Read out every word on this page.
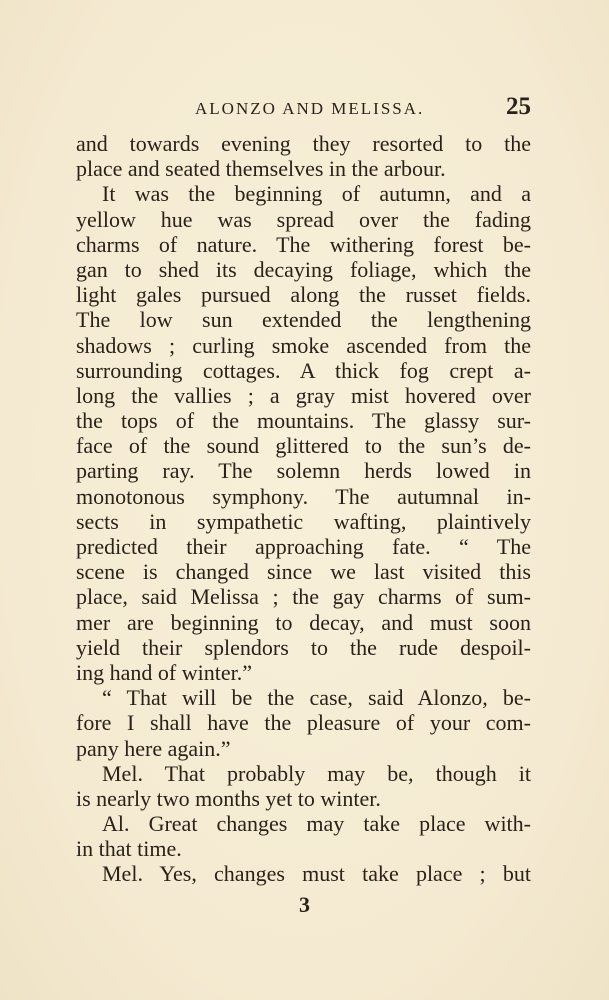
ALONZO AND MELISSA.	25
and towards evening they resorted to the
place and seated themselves in the arbour.
It was the beginning of autumn, and a
yellow hue was spread over the fading
charms of nature. The withering forest be-
gan to shed its decaying foliage, which the
light gales pursued along the russet fields.
The low sun extended the lengthening
shadows ; curling smoke ascended from the
surrounding cottages. A thick fog crept a-
long the vallies ; a gray mist hovered over
the tops of the mountains. The glassy sur-
face of the sound glittered to the sun’s de-
parting ray. The solemn herds lowed in
monotonous symphony. The autumnal in-
sects in sympathetic wafting, plaintively
predicted their approaching fate. “ The
scene is changed since we last visited this
place, said Melissa ; the gay charms of sum-
mer are beginning to decay, and must soon
yield their splendors to the rude despoil-
ing hand of winter.”
“ That will be the case, said Alonzo, be-
fore I shall have the pleasure of your com-
pany here again.”
Mel. That probably may be, though it
is nearly two months yet to winter.
Al. Great changes may take place with-
in that time.
Mel. Yes, changes must take place ; but
3
